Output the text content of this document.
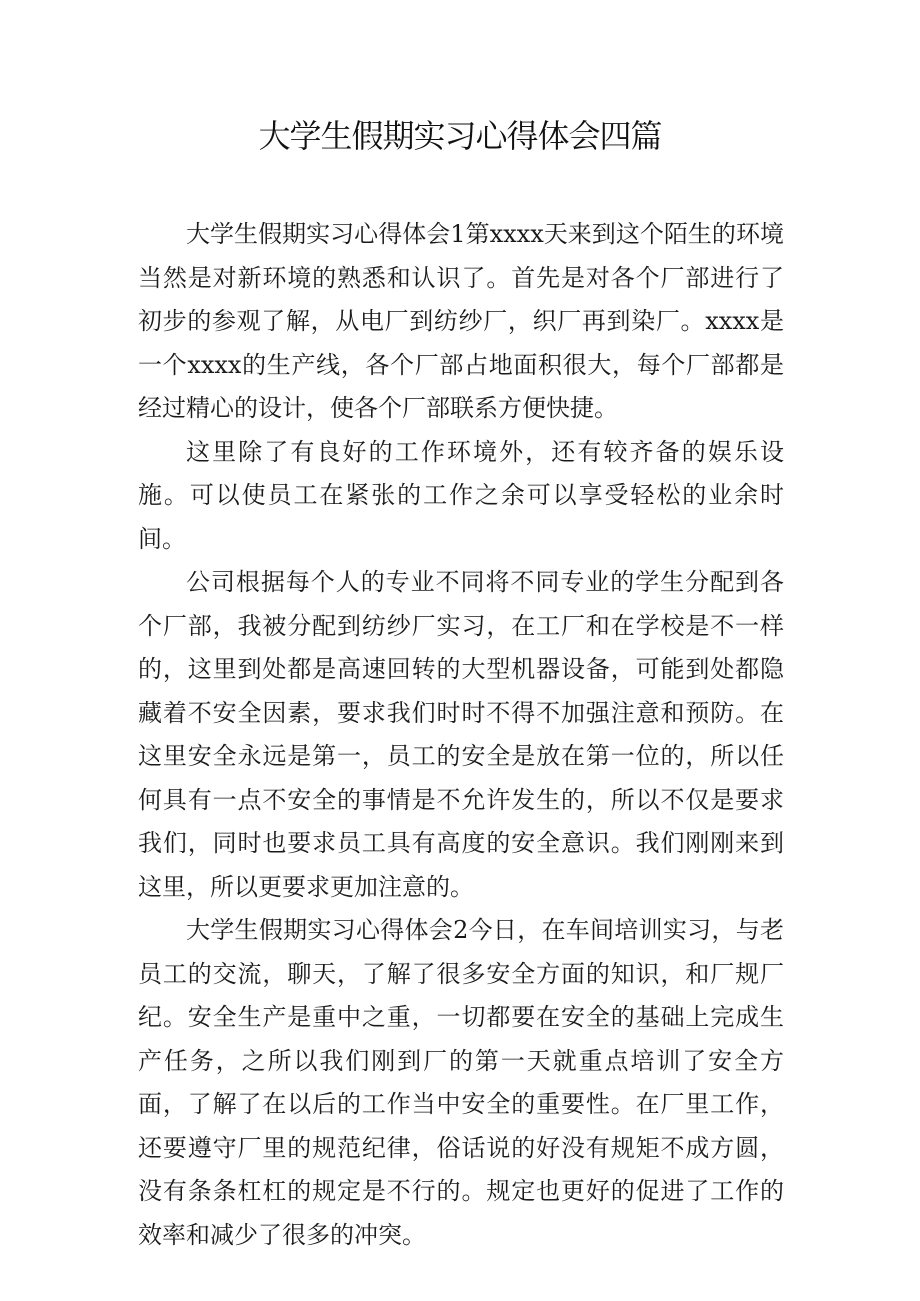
大学生假期实习心得体会四篇

大学生假期实习心得体会1第xxxx天来到这个陌生的环境当然是对新环境的熟悉和认识了。首先是对各个厂部进行了初步的参观了解，从电厂到纺纱厂，织厂再到染厂。xxxx是一个xxxx的生产线，各个厂部占地面积很大，每个厂部都是经过精心的设计，使各个厂部联系方便快捷。

这里除了有良好的工作环境外，还有较齐备的娱乐设施。可以使员工在紧张的工作之余可以享受轻松的业余时间。

公司根据每个人的专业不同将不同专业的学生分配到各个厂部，我被分配到纺纱厂实习，在工厂和在学校是不一样的，这里到处都是高速回转的大型机器设备，可能到处都隐藏着不安全因素，要求我们时时不得不加强注意和预防。在这里安全永远是第一，员工的安全是放在第一位的，所以任何具有一点不安全的事情是不允许发生的，所以不仅是要求我们，同时也要求员工具有高度的安全意识。我们刚刚来到这里，所以更要求更加注意的。

大学生假期实习心得体会2今日，在车间培训实习，与老员工的交流，聊天，了解了很多安全方面的知识，和厂规厂纪。安全生产是重中之重，一切都要在安全的基础上完成生产任务，之所以我们刚到厂的第一天就重点培训了安全方面，了解了在以后的工作当中安全的重要性。在厂里工作，还要遵守厂里的规范纪律，俗话说的好没有规矩不成方圆，没有条条杠杠的规定是不行的。规定也更好的促进了工作的效率和减少了很多的冲突。
